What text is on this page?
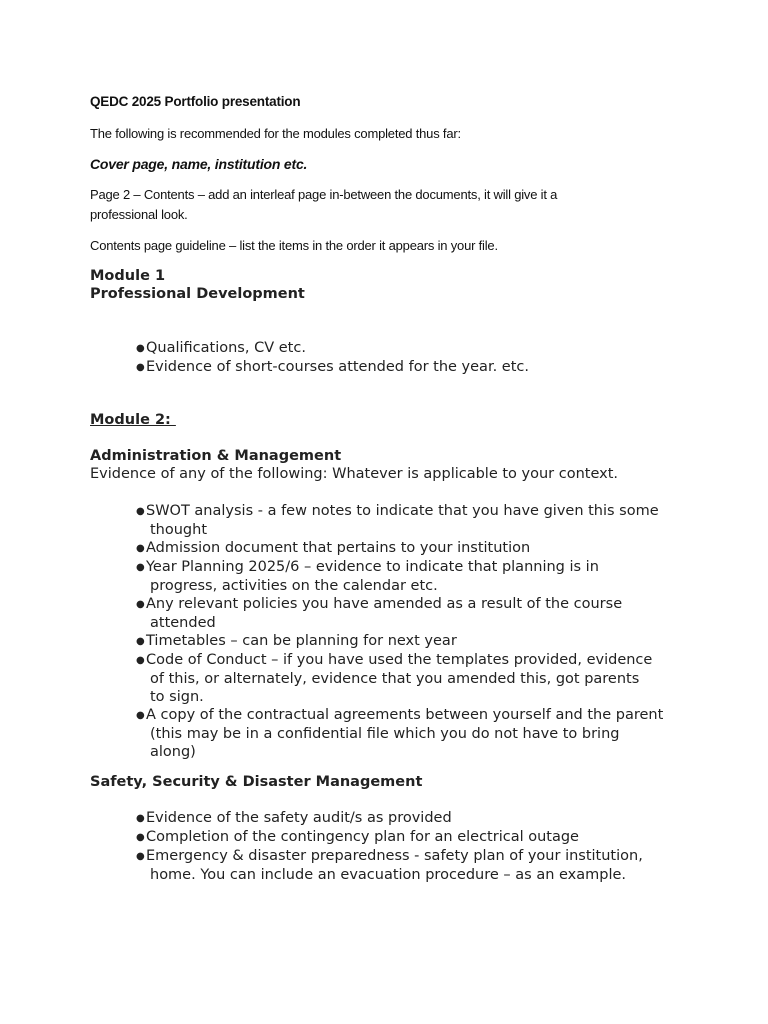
QEDC 2025 Portfolio presentation

The following is recommended for the modules completed thus far:

Cover page, name, institution etc.

Page 2 – Contents – add an interleaf page in-between the documents, it will give it a

professional look.

Contents page guideline – list the items in the order it appears in your file.

Module 1

Professional Development

●Qualifications, CV etc.
●Evidence of short-courses attended for the year. etc.

Module 2:

Administration & Management

Evidence of any of the following: Whatever is applicable to your context.

●SWOT analysis - a few notes to indicate that you have given this some
thought
●Admission document that pertains to your institution
●Year Planning 2025/6 – evidence to indicate that planning is in
progress, activities on the calendar etc.
●Any relevant policies you have amended as a result of the course
attended
●Timetables – can be planning for next year
●Code of Conduct – if you have used the templates provided, evidence
of this, or alternately, evidence that you amended this, got parents
to sign.
●A copy of the contractual agreements between yourself and the parent
(this may be in a confidential file which you do not have to bring
along)

Safety, Security & Disaster Management

●Evidence of the safety audit/s as provided
●Completion of the contingency plan for an electrical outage
●Emergency & disaster preparedness - safety plan of your institution,
home. You can include an evacuation procedure – as an example.
